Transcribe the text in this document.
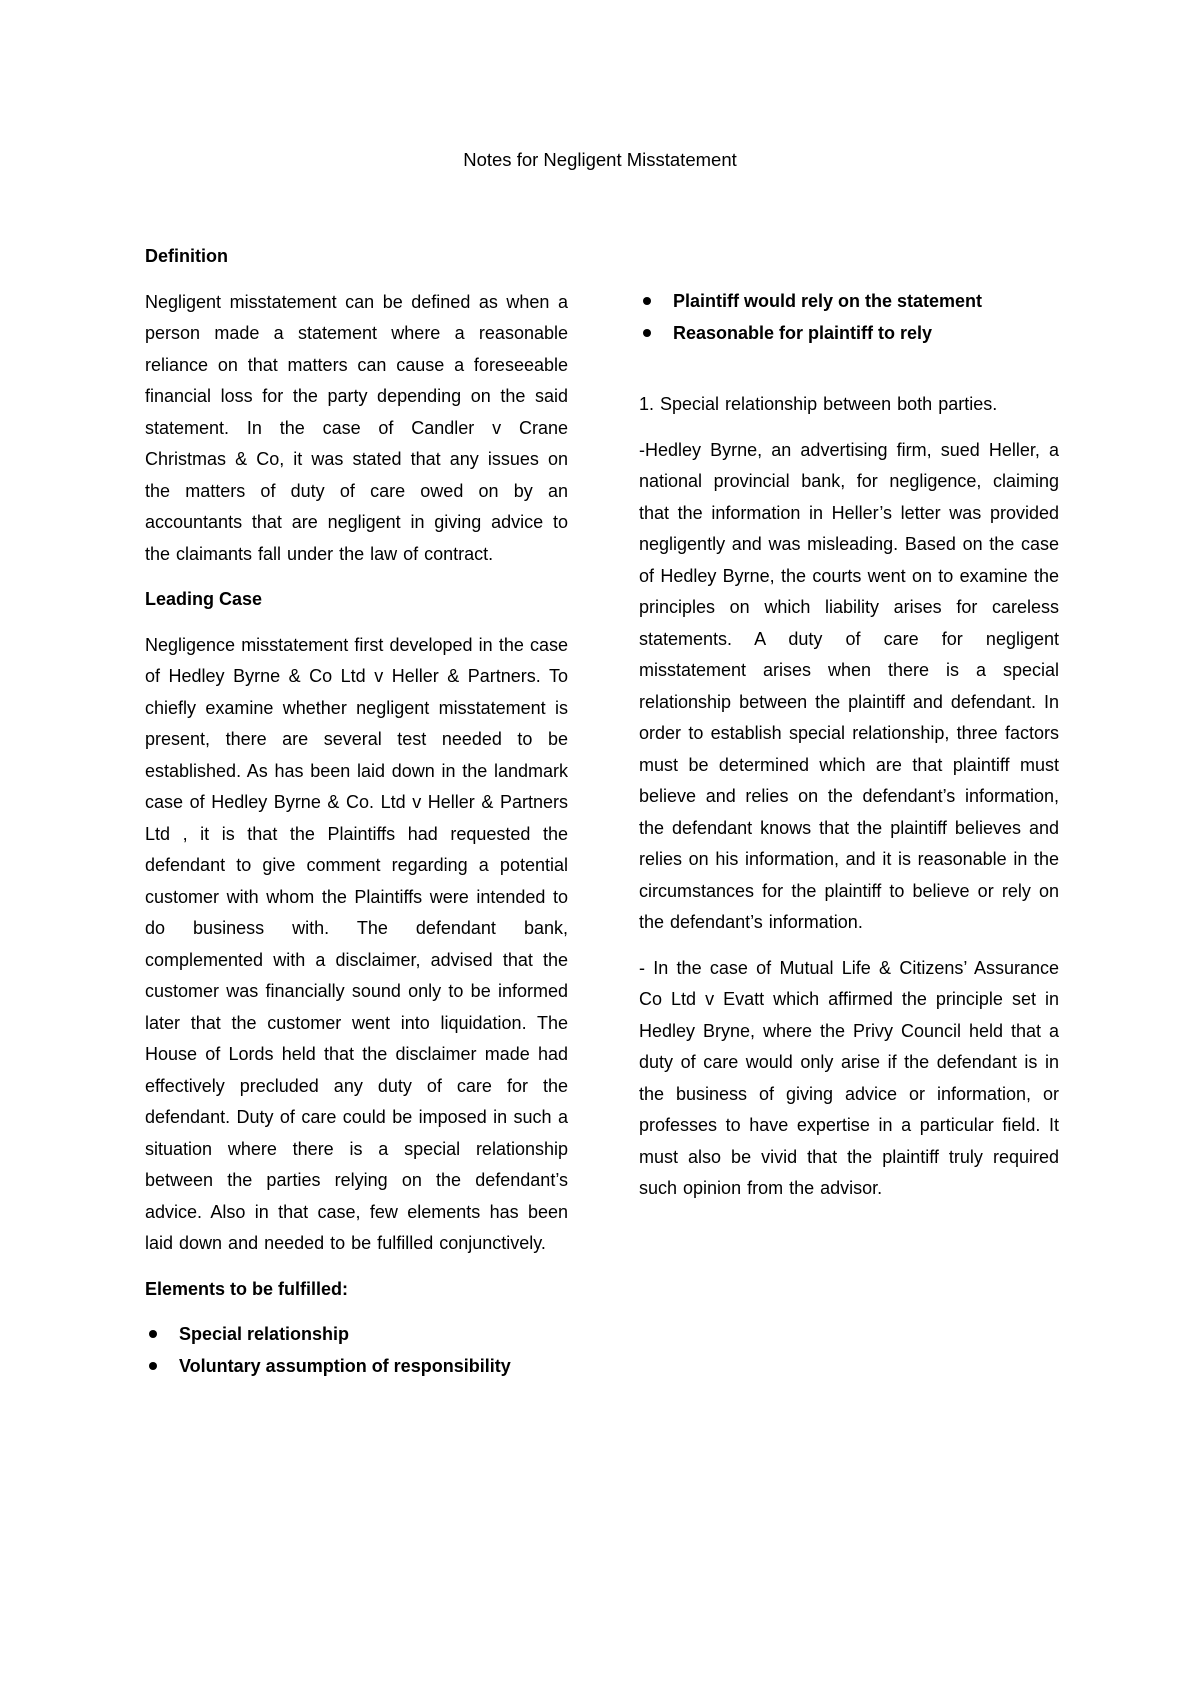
Notes for Negligent Misstatement
Definition

Negligent misstatement can be defined as when a person made a statement where a reasonable reliance on that matters can cause a foreseeable financial loss for the party depending on the said statement. In the case of Candler v Crane Christmas & Co, it was stated that any issues on the matters of duty of care owed on by an accountants that are negligent in giving advice to the claimants fall under the law of contract.

Leading Case

Negligence misstatement first developed in the case of Hedley Byrne & Co Ltd v Heller & Partners. To chiefly examine whether negligent misstatement is present, there are several test needed to be established. As has been laid down in the landmark case of Hedley Byrne & Co. Ltd v Heller & Partners Ltd , it is that the Plaintiffs had requested the defendant to give comment regarding a potential customer with whom the Plaintiffs were intended to do business with. The defendant bank, complemented with a disclaimer, advised that the customer was financially sound only to be informed later that the customer went into liquidation. The House of Lords held that the disclaimer made had effectively precluded any duty of care for the defendant. Duty of care could be imposed in such a situation where there is a special relationship between the parties relying on the defendant’s advice. Also in that case, few elements has been laid down and needed to be fulfilled conjunctively.

Elements to be fulfilled:
Special relationship
Voluntary assumption of responsibility
Plaintiff would rely on the statement
Reasonable for plaintiff to rely

1. Special relationship between both parties.

-Hedley Byrne, an advertising firm, sued Heller, a national provincial bank, for negligence, claiming that the information in Heller’s letter was provided negligently and was misleading. Based on the case of Hedley Byrne, the courts went on to examine the principles on which liability arises for careless statements. A duty of care for negligent misstatement arises when there is a special relationship between the plaintiff and defendant. In order to establish special relationship, three factors must be determined which are that plaintiff must believe and relies on the defendant’s information, the defendant knows that the plaintiff believes and relies on his information, and it is reasonable in the circumstances for the plaintiff to believe or rely on the defendant’s information.

- In the case of Mutual Life & Citizens’ Assurance Co Ltd v Evatt which affirmed the principle set in Hedley Bryne, where the Privy Council held that a duty of care would only arise if the defendant is in the business of giving advice or information, or professes to have expertise in a particular field. It must also be vivid that the plaintiff truly required such opinion from the advisor.
